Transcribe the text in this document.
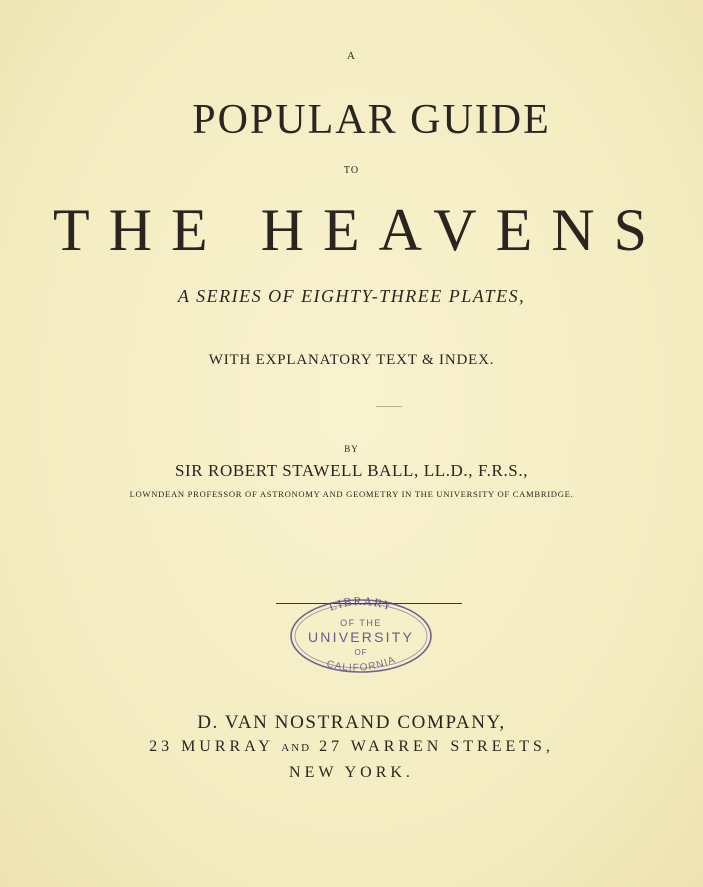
A
POPULAR GUIDE
TO
THE HEAVENS
A SERIES OF EIGHTY-THREE PLATES,
WITH EXPLANATORY TEXT & INDEX.
BY
SIR ROBERT STAWELL BALL, LL.D., F.R.S.,
LOWNDEAN PROFESSOR OF ASTRONOMY AND GEOMETRY IN THE UNIVERSITY OF CAMBRIDGE.
LIBRARY
OF THE
UNIVERSITY
OF
CALIFORNIA
D. VAN NOSTRAND COMPANY,
23 MURRAY AND 27 WARREN STREETS,
NEW YORK.
